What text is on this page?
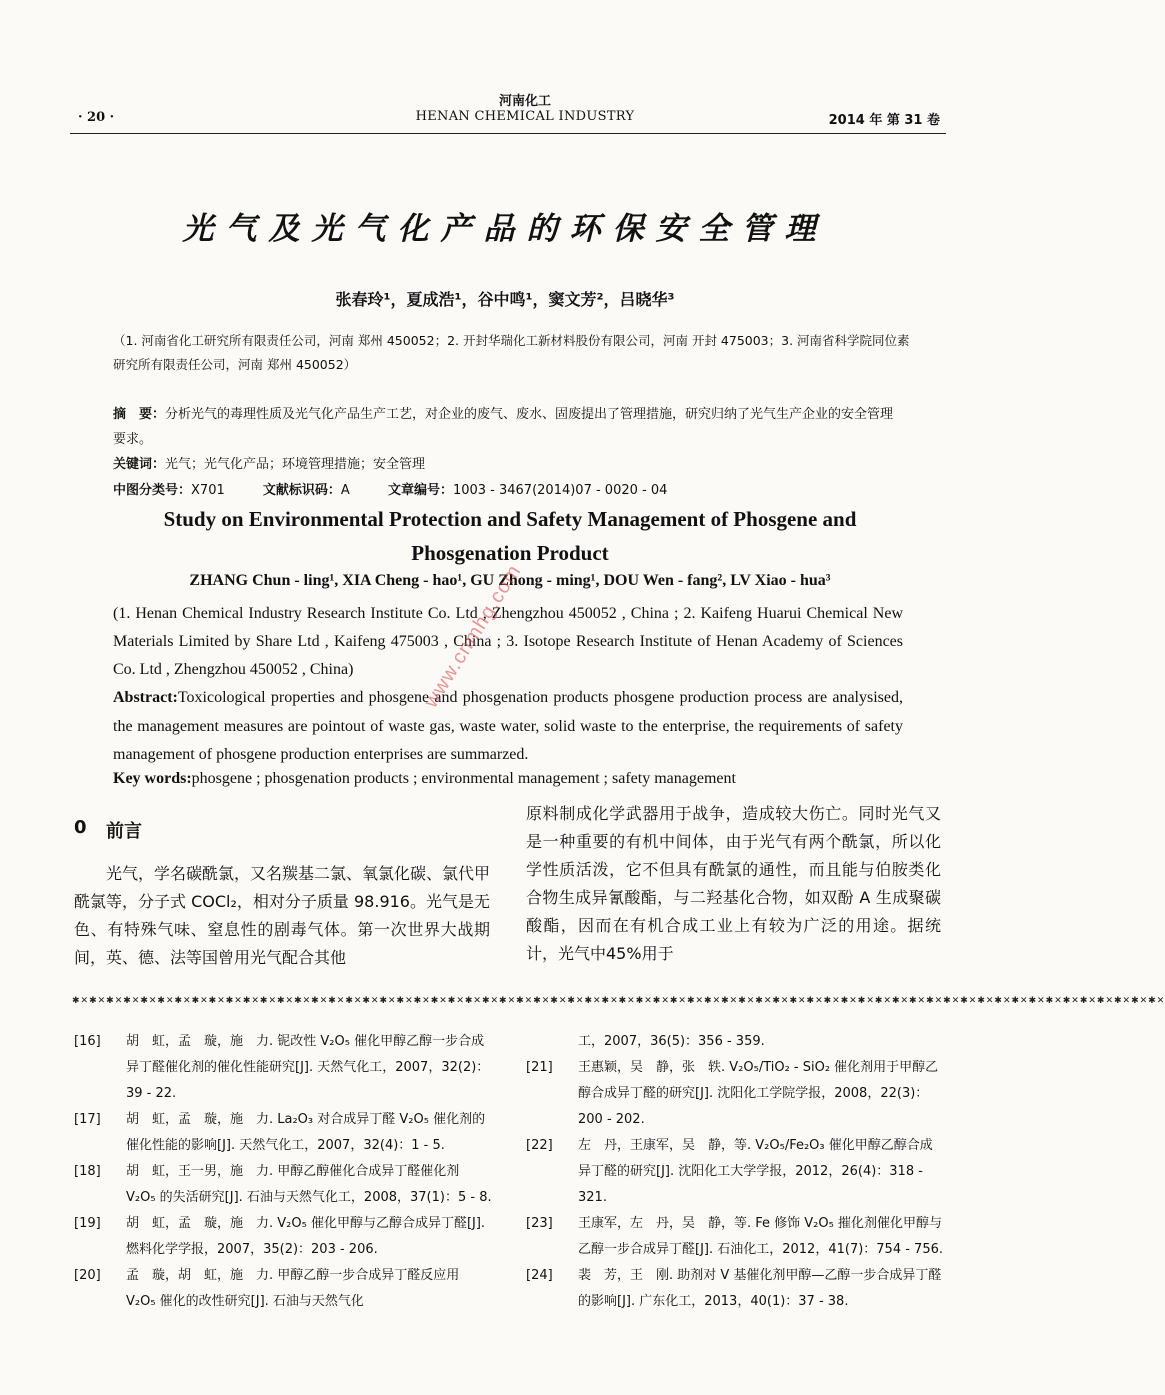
河南化工
HENAN CHEMICAL INDUSTRY
· 20 ·	2014 年 第 31 卷
光气及光气化产品的环保安全管理
张春玲¹，夏成浩¹，谷中鸣¹，窦文芳²，吕晓华³
（1. 河南省化工研究所有限责任公司，河南 郑州 450052；2. 开封华瑞化工新材料股份有限公司，河南 开封 475003；3. 河南省科学院同位素研究所有限责任公司，河南 郑州 450052）
摘　要：分析光气的毒理性质及光气化产品生产工艺，对企业的废气、废水、固废提出了管理措施，研究归纳了光气生产企业的安全管理要求。
关键词：光气；光气化产品；环境管理措施；安全管理
中图分类号：X701	文献标识码：A	文章编号：1003 - 3467(2014)07 - 0020 - 04
Study on Environmental Protection and Safety Management of Phosgene and Phosgenation Product
ZHANG Chun - ling¹, XIA Cheng - hao¹, GU Zhong - ming¹, DOU Wen - fang², LV Xiao - hua³
(1. Henan Chemical Industry Research Institute Co. Ltd , Zhengzhou 450052 , China ; 2. Kaifeng Huarui Chemical New Materials Limited by Share Ltd , Kaifeng 475003 , China ; 3. Isotope Research Institute of Henan Academy of Sciences Co. Ltd , Zhengzhou 450052 , China)
Abstract:Toxicological properties and phosgene and phosgenation products phosgene production process are analysised, the management measures are pointout of waste gas, waste water, solid waste to the enterprise, the requirements of safety management of phosgene production enterprises are summarzed.
Key words:phosgene ; phosgenation products ; environmental management ; safety management
0 前言
光气，学名碳酰氯，又名羰基二氯、氧氯化碳、氯代甲酰氯等，分子式 COCl₂，相对分子质量 98.916。光气是无色、有特殊气味、窒息性的剧毒气体。第一次世界大战期间，英、德、法等国曾用光气配合其他
原料制成化学武器用于战争，造成较大伤亡。同时光气又是一种重要的有机中间体，由于光气有两个酰氯，所以化学性质活泼，它不但具有酰氯的通性，而且能与伯胺类化合物生成异氰酸酯，与二羟基化合物，如双酚 A 生成聚碳酸酯，因而在有机合成工业上有较为广泛的用途。据统计，光气中45%用于
✱✕✱✕✱✕✱✕✱✕✱✕✱✕✱✕✱✕✱✕✱✕✱✕✱✕✱✕✱✕✱✕✱✕✱✕✱✕✱✕✱✕✱✕✱✕✱✕✱✕✱✕✱✕✱✕✱✕✱✕✱✕✱✕✱✕✱✕✱✕✱✕✱✕✱✕✱✕✱✕✱✕✱✕✱✕✱✕✱✕✱✕✱✕✱✕✱✕✱✕✱✕✱✕✱✕✱✕✱✕✱✕✱✕✱✕✱✕✱✕✱✕✱✕✱✕✱✕
[16] 胡　虹，孟　璇，施　力. 铌改性 V₂O₅ 催化甲醇乙醇一步合成异丁醛催化剂的催化性能研究[J]. 天然气化工，2007，32(2)：39 - 22.
[17] 胡　虹，孟　璇，施　力. La₂O₃ 对合成异丁醛 V₂O₅ 催化剂的催化性能的影响[J]. 天然气化工，2007，32(4)：1 - 5.
[18] 胡　虹，王一男，施　力. 甲醇乙醇催化合成异丁醛催化剂 V₂O₅ 的失活研究[J]. 石油与天然气化工，2008，37(1)：5 - 8.
[19] 胡　虹，孟　璇，施　力. V₂O₅ 催化甲醇与乙醇合成异丁醛[J]. 燃料化学学报，2007，35(2)：203 - 206.
[20] 孟　璇，胡　虹，施　力. 甲醇乙醇一步合成异丁醛反应用 V₂O₅ 催化的改性研究[J]. 石油与天然气化
工，2007，36(5)：356 - 359.
[21] 王惠颖，吴　静，张　轶. V₂O₅/TiO₂ - SiO₂ 催化剂用于甲醇乙醇合成异丁醛的研究[J]. 沈阳化工学院学报，2008，22(3)：200 - 202.
[22] 左　丹，王康军，吴　静，等. V₂O₅/Fe₂O₃ 催化甲醇乙醇合成异丁醛的研究[J]. 沈阳化工大学学报，2012，26(4)：318 - 321.
[23] 王康军，左　丹，吴　静，等. Fe 修饰 V₂O₅ 摧化剂催化甲醇与乙醇一步合成异丁醛[J]. 石油化工，2012，41(7)：754 - 756.
[24] 裴　芳，王　刚. 助剂对 V 基催化剂甲醇—乙醇一步合成异丁醛的影响[J]. 广东化工，2013，40(1)：37 - 38.
www.cnmhg.com
